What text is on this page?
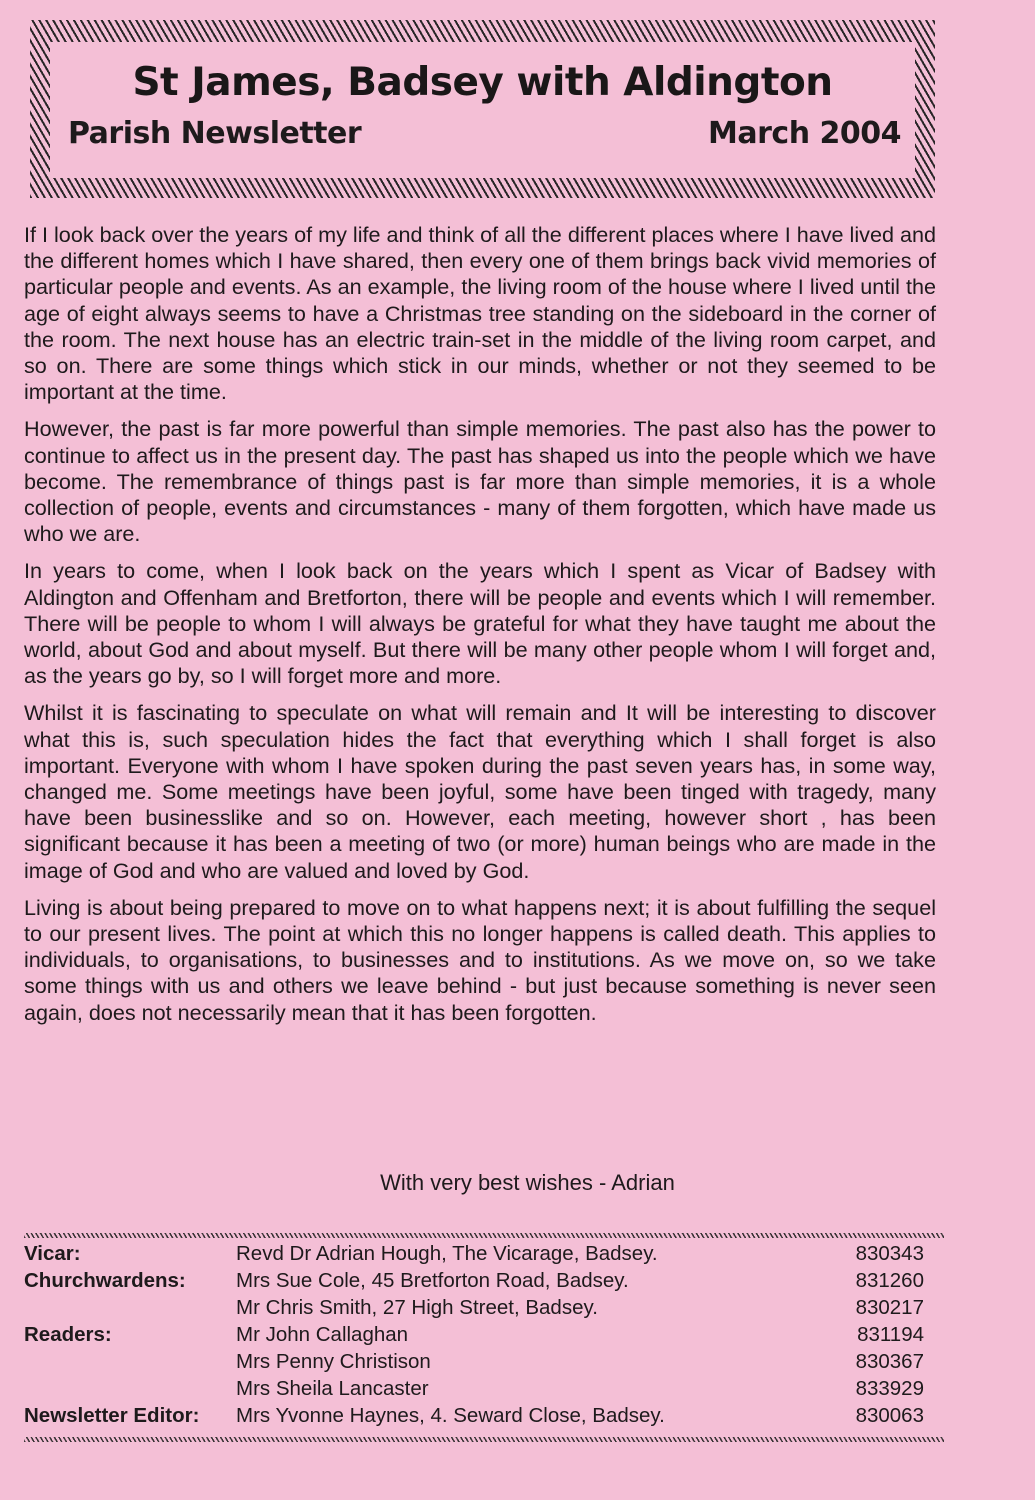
St James, Badsey with Aldington
Parish Newsletter	March 2004

If I look back over the years of my life and think of all the different places where I have lived and the different homes which I have shared, then every one of them brings back vivid memories of particular people and events. As an example, the living room of the house where I lived until the age of eight always seems to have a Christmas tree standing on the sideboard in the corner of the room. The next house has an electric train-set in the middle of the living room carpet, and so on. There are some things which stick in our minds, whether or not they seemed to be important at the time.

However, the past is far more powerful than simple memories. The past also has the power to continue to affect us in the present day. The past has shaped us into the people which we have become. The remembrance of things past is far more than simple memories, it is a whole collection of people, events and circumstances - many of them forgotten, which have made us who we are.

In years to come, when I look back on the years which I spent as Vicar of Badsey with Aldington and Offenham and Bretforton, there will be people and events which I will remember. There will be people to whom I will always be grateful for what they have taught me about the world, about God and about myself. But there will be many other people whom I will forget and, as the years go by, so I will forget more and more.

Whilst it is fascinating to speculate on what will remain and It will be interesting to discover what this is, such speculation hides the fact that everything which I shall forget is also important. Everyone with whom I have spoken during the past seven years has, in some way, changed me. Some meetings have been joyful, some have been tinged with tragedy, many have been businesslike and so on. However, each meeting, however short , has been significant because it has been a meeting of two (or more) human beings who are made in the image of God and who are valued and loved by God.

Living is about being prepared to move on to what happens next; it is about fulfilling the sequel to our present lives. The point at which this no longer happens is called death. This applies to individuals, to organisations, to businesses and to institutions. As we move on, so we take some things with us and others we leave behind - but just because something is never seen again, does not necessarily mean that it has been forgotten.

With very best wishes - Adrian
Vicar:	Revd Dr Adrian Hough, The Vicarage, Badsey.	830343
Churchwardens:	Mrs Sue Cole, 45 Bretforton Road, Badsey.	831260
	Mr Chris Smith, 27 High Street, Badsey.	830217
Readers:	Mr John Callaghan	831194
	Mrs Penny Christison	830367
	Mrs Sheila Lancaster	833929
Newsletter Editor:	Mrs Yvonne Haynes, 4. Seward Close, Badsey.	830063
